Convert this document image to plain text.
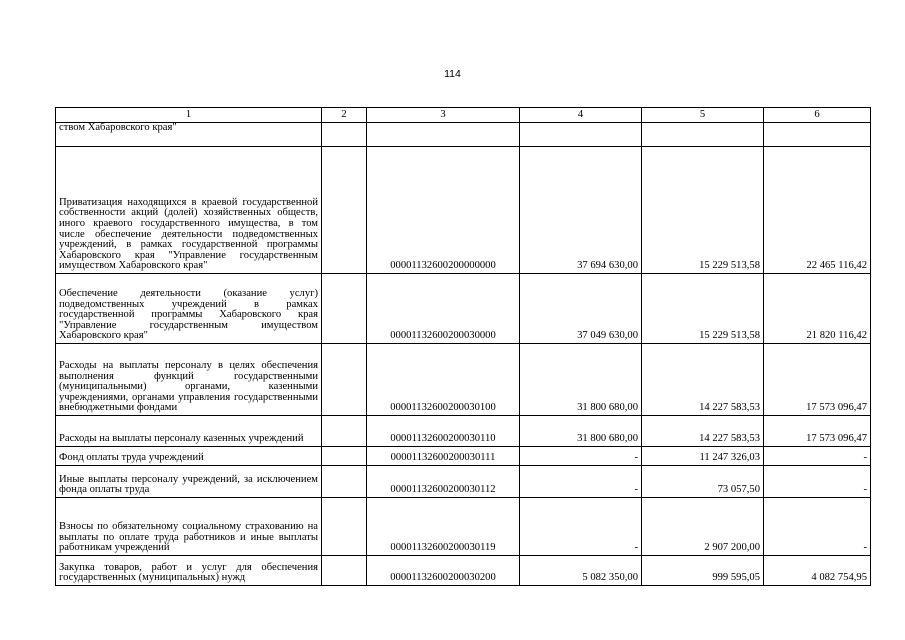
114
1	2	3	4	5	6
ством Хабаровского края"					
Приватизация находящихся в краевой государственной собственности акций (долей) хозяйственных обществ, иного краевого государственного имущества, в том числе обеспечение деятельности подведомственных учреждений, в рамках государственной программы Хабаровского края "Управление государственным имуществом Хабаровского края"		00001132600200000000	37 694 630,00	15 229 513,58	22 465 116,42
Обеспечение деятельности (оказание услуг) подведомственных учреждений в рамках государственной программы Хабаровского края "Управление государственным имуществом Хабаровского края"		00001132600200030000	37 049 630,00	15 229 513,58	21 820 116,42
Расходы на выплаты персоналу в целях обеспечения выполнения функций государственными (муниципальными) органами, казенными учреждениями, органами управления государственными внебюджетными фондами		00001132600200030100	31 800 680,00	14 227 583,53	17 573 096,47
Расходы на выплаты персоналу казенных учреждений		00001132600200030110	31 800 680,00	14 227 583,53	17 573 096,47
Фонд оплаты труда учреждений		00001132600200030111	-	11 247 326,03	-
Иные выплаты персоналу учреждений, за исключением фонда оплаты труда		00001132600200030112	-	73 057,50	-
Взносы по обязательному социальному страхованию на выплаты по оплате труда работников и иные выплаты работникам учреждений		00001132600200030119	-	2 907 200,00	-
Закупка товаров, работ и услуг для обеспечения государственных (муниципальных) нужд		00001132600200030200	5 082 350,00	999 595,05	4 082 754,95
